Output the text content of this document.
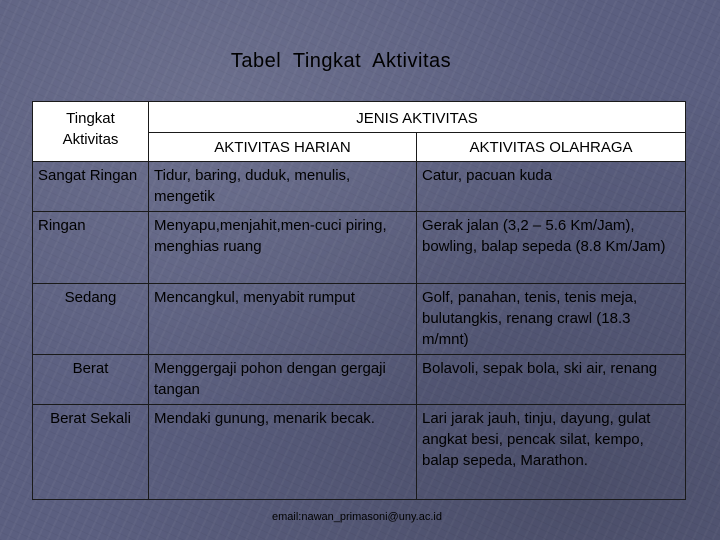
Tabel Tingkat Aktivitas
Tingkat Aktivitas	JENIS AKTIVITAS	
	AKTIVITAS HARIAN	AKTIVITAS OLAHRAGA
Sangat Ringan	Tidur, baring, duduk, menulis, mengetik	Catur, pacuan kuda
Ringan	Menyapu,menjahit,men-cuci piring, menghias ruang	Gerak jalan (3,2 – 5.6 Km/Jam), bowling, balap sepeda (8.8 Km/Jam)
Sedang	Mencangkul, menyabit rumput	Golf, panahan, tenis, tenis meja, bulutangkis, renang crawl (18.3 m/mnt)
Berat	Menggergaji pohon dengan gergaji tangan	Bolavoli, sepak bola, ski air, renang
Berat Sekali	Mendaki gunung, menarik becak.	Lari jarak jauh, tinju, dayung, gulat angkat besi, pencak silat, kempo, balap sepeda, Marathon.
email:nawan_primasoni@uny.ac.id
